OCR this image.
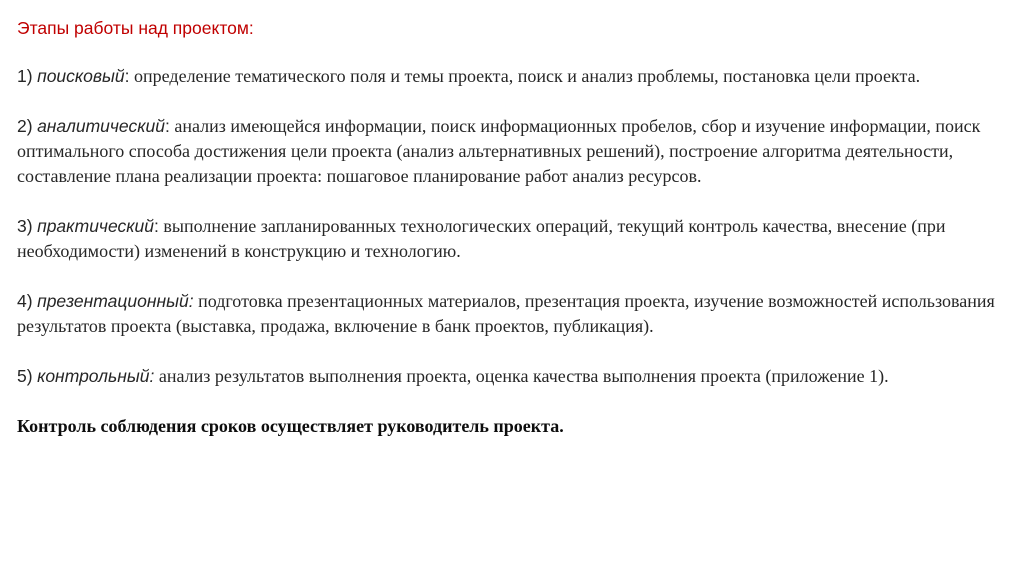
Этапы работы над проектом:

1) поисковый: определение тематического поля и темы проекта, поиск и анализ проблемы, постановка цели проекта.

2) аналитический: анализ имеющейся информации, поиск информационных пробелов, сбор и изучение информации, поиск оптимального способа достижения цели проекта (анализ альтернативных решений), построение алгоритма деятельности, составление плана реализации проекта: пошаговое планирование работ анализ ресурсов.

3) практический: выполнение запланированных технологических операций, текущий контроль качества, внесение (при необходимости) изменений в конструкцию и технологию.

4) презентационный: подготовка презентационных материалов, презентация проекта, изучение возможностей использования результатов проекта (выставка, продажа, включение в банк проектов, публикация).

5) контрольный: анализ результатов выполнения проекта, оценка качества выполнения проекта (приложение 1).

Контроль соблюдения сроков осуществляет руководитель проекта.
